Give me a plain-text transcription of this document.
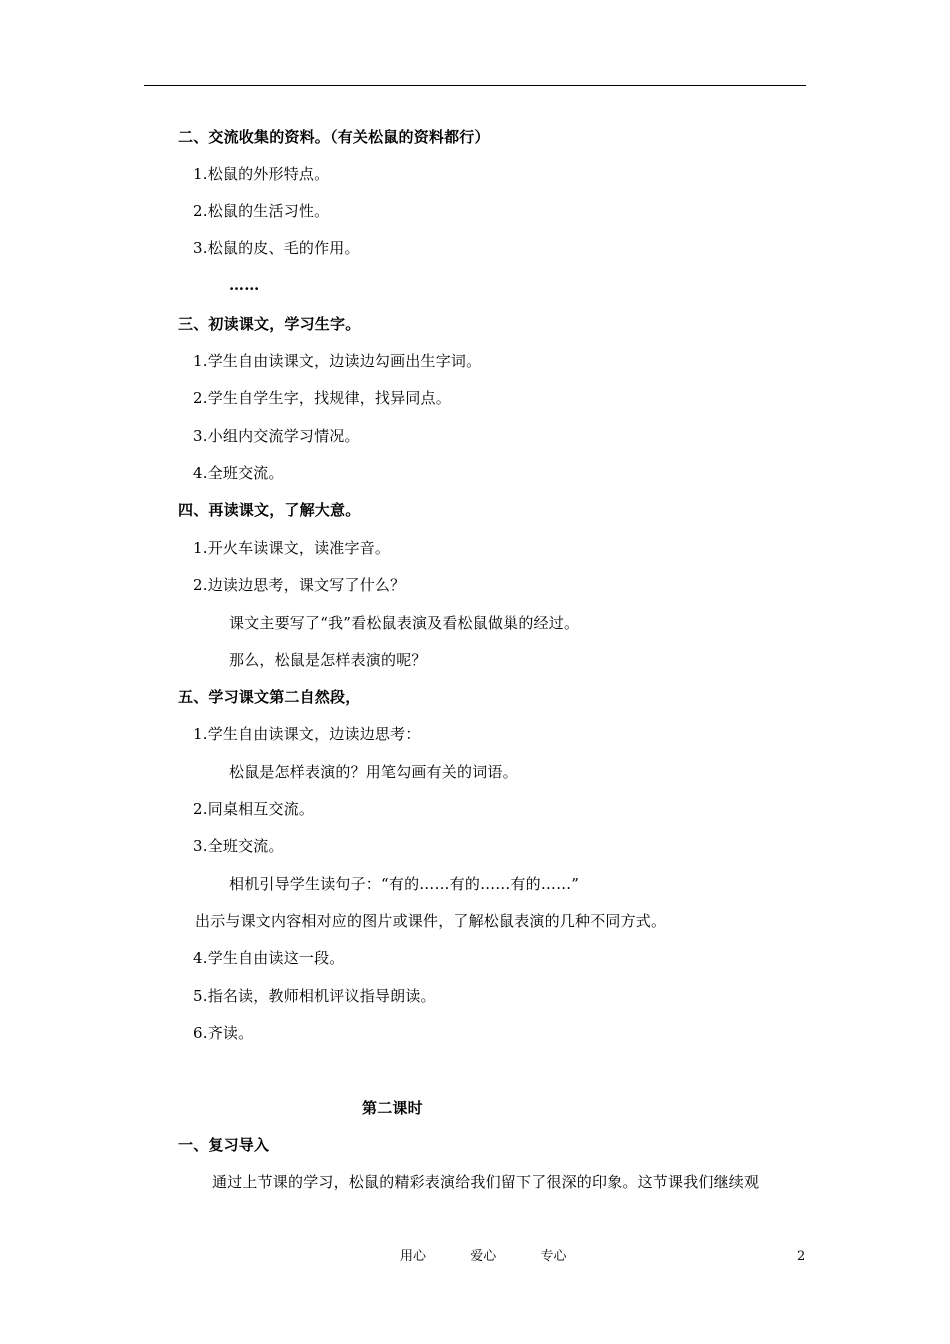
二、交流收集的资料。（有关松鼠的资料都行）
1.松鼠的外形特点。
2.松鼠的生活习性。
3.松鼠的皮、毛的作用。
……
三、初读课文，学习生字。
1.学生自由读课文，边读边勾画出生字词。
2.学生自学生字，找规律，找异同点。
3.小组内交流学习情况。
4.全班交流。
四、再读课文，了解大意。
1.开火车读课文，读准字音。
2.边读边思考，课文写了什么？
课文主要写了“我”看松鼠表演及看松鼠做巢的经过。
那么，松鼠是怎样表演的呢？
五、学习课文第二自然段，
1.学生自由读课文，边读边思考：
松鼠是怎样表演的？用笔勾画有关的词语。
2.同桌相互交流。
3.全班交流。
相机引导学生读句子：“有的……有的……有的……”
出示与课文内容相对应的图片或课件，了解松鼠表演的几种不同方式。
4.学生自由读这一段。
5.指名读，教师相机评议指导朗读。
6.齐读。
第二课时
一、复习导入
通过上节课的学习，松鼠的精彩表演给我们留下了很深的印象。这节课我们继续观
用心  爱心  专心	2
